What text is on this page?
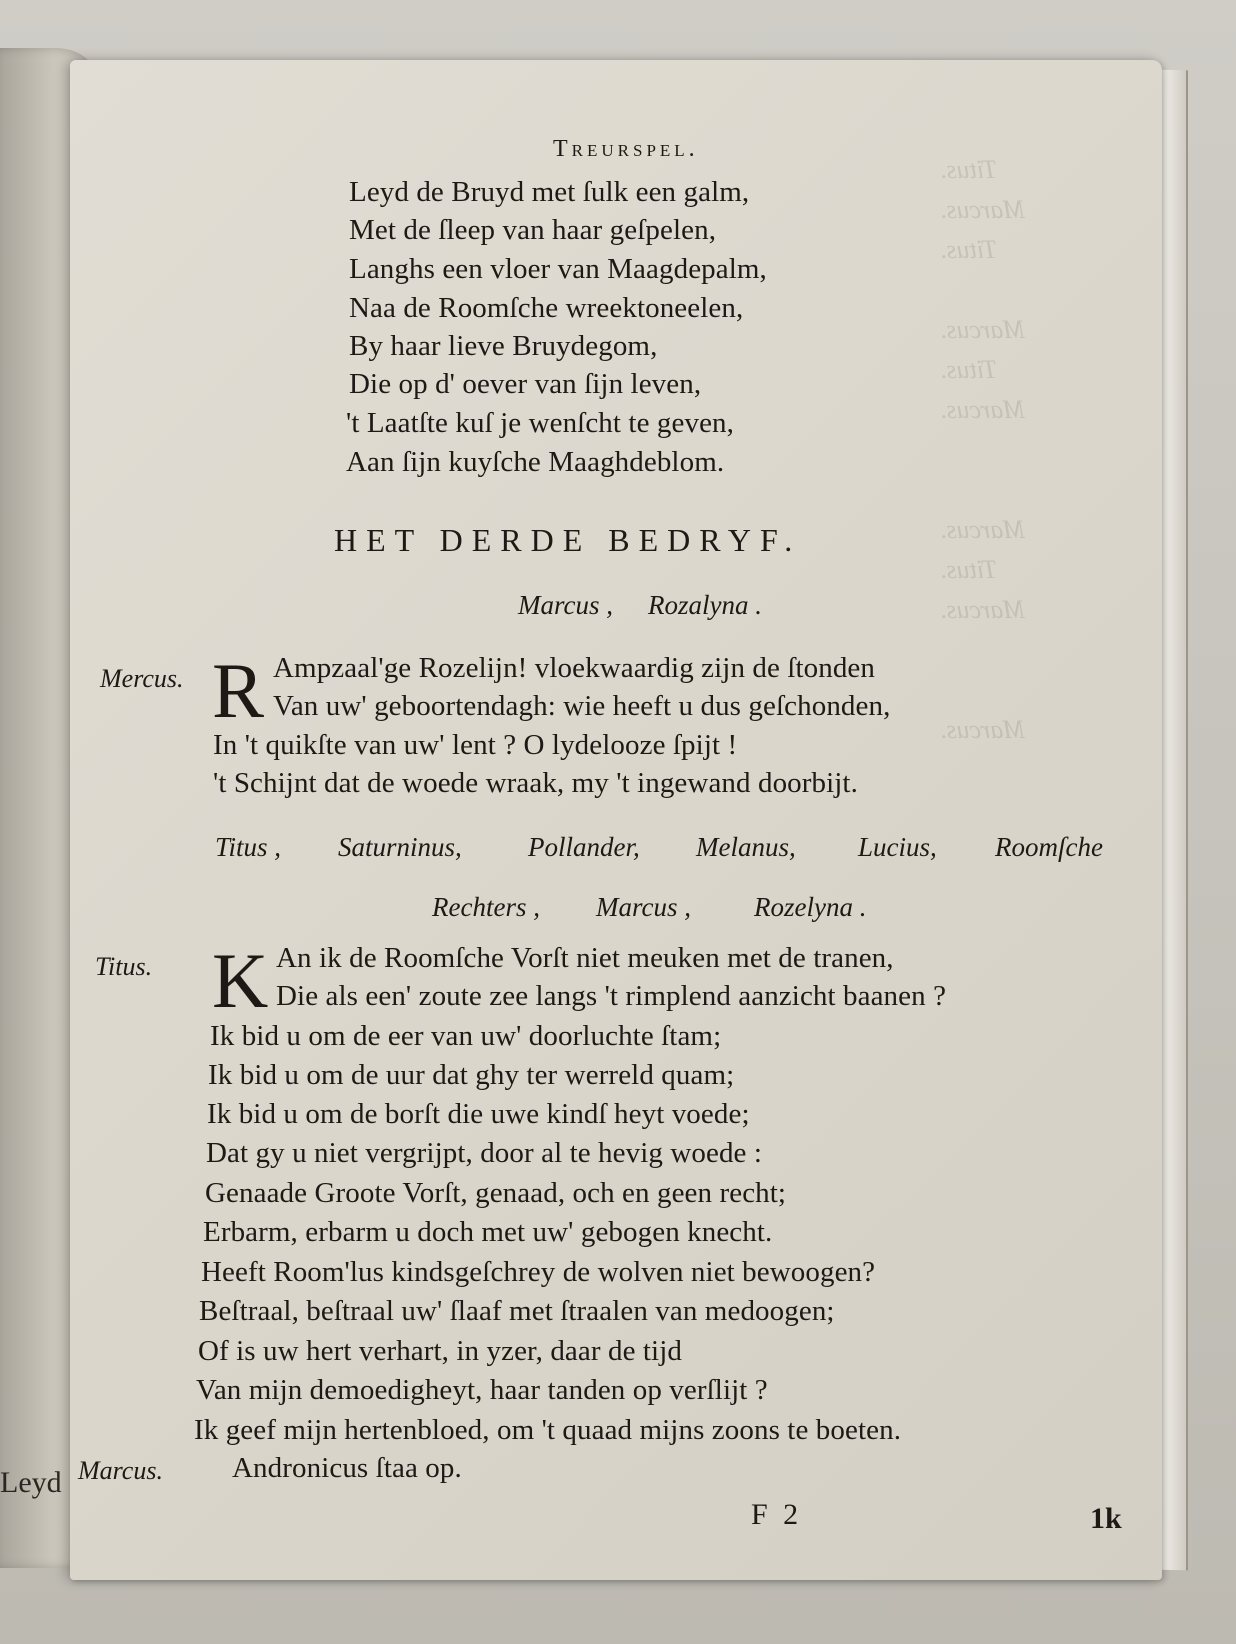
Titus.
Marcus.
Titus.
Marcus.
Titus.
Marcus.
Marcus.
Titus.
Marcus.
Marcus.
Leyd
Treurspel.
Leyd de Bruyd met ſulk een galm,
Met de ſleep van haar geſpelen,
Langhs een vloer van Maagdepalm,
Naa de Roomſche wreektoneelen,
By haar lieve Bruydegom,
Die op d' oever van ſijn leven,
't Laatſte kuſ je wenſcht te geven,
Aan ſijn kuyſche Maaghdeblom.
HET DERDE BEDRYF.
Marcus , Rozalyna .
Mercus. R Ampzaal'ge Rozelijn! vloekwaardig zijn de ſtonden
Van uw' geboortendagh: wie heeft u dus geſchonden,
In 't quikſte van uw' lent ? O lydelooze ſpijt !
't Schijnt dat de woede wraak, my 't ingewand doorbijt.
Titus , Saturninus, Pollander, Melanus, Lucius, Roomſche
Rechters , Marcus , Rozelyna .
Titus. K An ik de Roomſche Vorſt niet meuken met de tranen,
Die als een' zoute zee langs 't rimplend aanzicht baanen ?
Ik bid u om de eer van uw' doorluchte ſtam;
Ik bid u om de uur dat ghy ter werreld quam;
Ik bid u om de borſt die uwe kindſ heyt voede;
Dat gy u niet vergrijpt, door al te hevig woede :
Genaade Groote Vorſt, genaad, och en geen recht;
Erbarm, erbarm u doch met uw' gebogen knecht.
Heeft Room'lus kindsgeſchrey de wolven niet bewoogen?
Beſtraal, beſtraal uw' ſlaaf met ſtraalen van medoogen;
Of is uw hert verhart, in yzer, daar de tijd
Van mijn demoedigheyt, haar tanden op verſlijt ?
Ik geef mijn hertenbloed, om 't quaad mijns zoons te boeten.
Marcus. Andronicus ſtaa op.
F 2	1k
